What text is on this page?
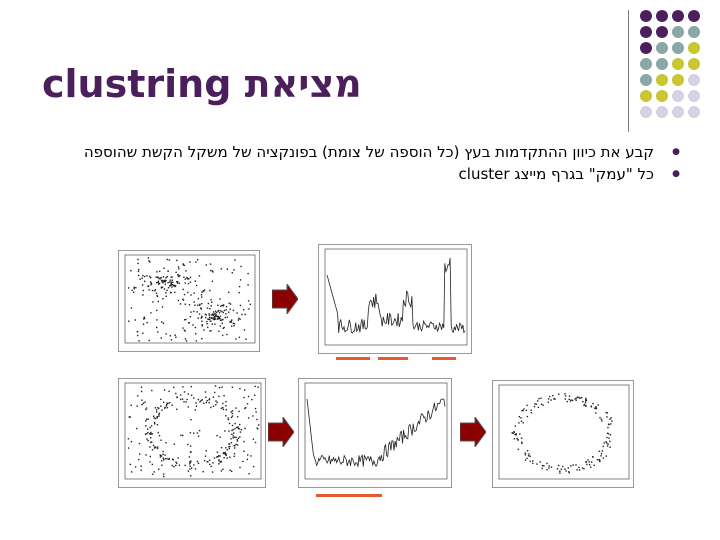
clustring מציאת
● קבע את כיוון ההתקדמות בעץ (כל הוספה של צומת) בפונקציה של משקל הקשת שהוספה
● כל "עמק" בגרף מייצג cluster
